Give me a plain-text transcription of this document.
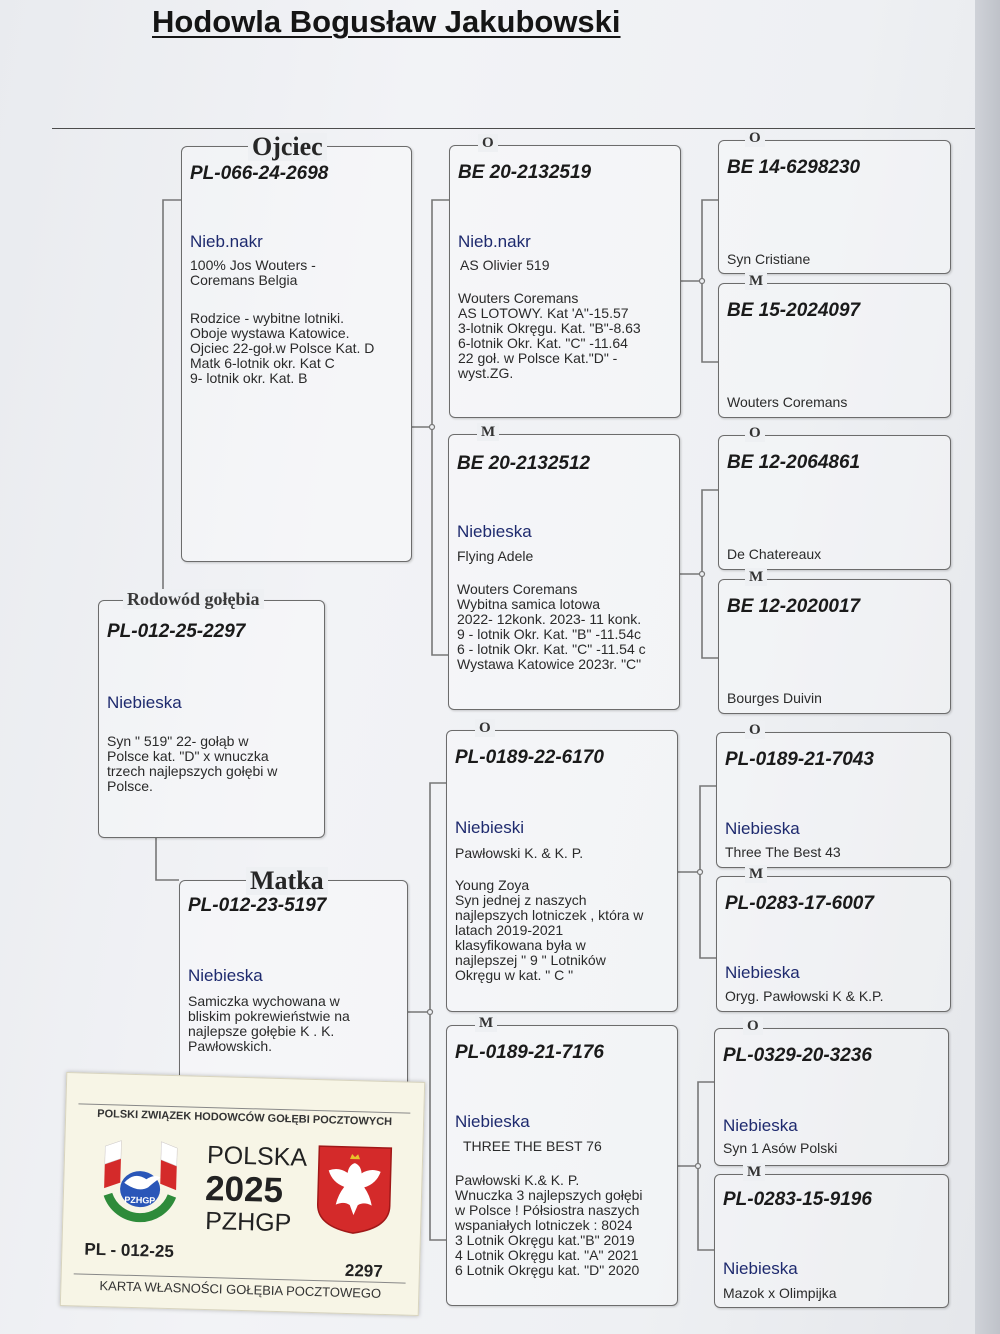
Hodowla Bogusław Jakubowski
Rodowód gołębia
PL-012-25-2297
Niebieska
Syn " 519" 22- gołąb w
Polsce kat. "D" x wnuczka
trzech najlepszych gołębi w
Polsce.
Ojciec
PL-066-24-2698
Nieb.nakr
100% Jos Wouters -
Coremans Belgia
Rodzice - wybitne lotniki.
Oboje wystawa Katowice.
Ojciec 22-goł.w Polsce Kat. D
Matk 6-lotnik okr. Kat C
9- lotnik okr. Kat. B
Matka
PL-012-23-5197
Niebieska
Samiczka wychowana w
bliskim pokrewieństwie na
najlepsze gołębie K . K.
Pawłowskich.
O
BE 20-2132519
Nieb.nakr
AS Olivier 519
Wouters Coremans
AS LOTOWY. Kat 'A"-15.57
3-lotnik Okręgu. Kat. "B"-8.63
6-lotnik Okr. Kat. "C" -11.64
22 goł. w Polsce Kat."D" -
wyst.ZG.
M
BE 20-2132512
Niebieska
Flying Adele
Wouters Coremans
Wybitna samica lotowa
2022- 12konk. 2023- 11 konk.
9 - lotnik Okr. Kat. "B" -11.54c
6 - lotnik Okr. Kat. "C" -11.54 c
Wystawa Katowice 2023r. "C"
O
PL-0189-22-6170
Niebieski
Pawłowski K. & K. P.
Young Zoya
Syn jednej z naszych
najlepszych lotniczek , która w
latach 2019-2021
klasyfikowana była w
najlepszej " 9 " Lotników
Okręgu w kat. " C "
M
PL-0189-21-7176
Niebieska
THREE THE BEST 76
Pawłowski K.& K. P.
Wnuczka 3 najlepszych gołębi
w Polsce ! Półsiostra naszych
wspaniałych lotniczek : 8024
3 Lotnik Okręgu kat."B" 2019
4 Lotnik Okręgu kat. "A" 2021
6 Lotnik Okręgu kat. "D" 2020
O
BE 14-6298230
Syn Cristiane
M
BE 15-2024097
Wouters Coremans
O
BE 12-2064861
De Chatereaux
M
BE 12-2020017
Bourges Duivin
O
PL-0189-21-7043
Niebieska
Three The Best 43
M
PL-0283-17-6007
Niebieska
Oryg. Pawłowski K & K.P.
O
PL-0329-20-3236
Niebieska
Syn 1 Asów Polski
M
PL-0283-15-9196
Niebieska
Mazok x Olimpijka
POLSKI ZWIĄZEK HODOWCÓW GOŁĘBI POCZTOWYCH
PZHGP
POLSKA
2025
PZHGP
PL - 012-25
2297
KARTA WŁASNOŚCI GOŁĘBIA POCZTOWEGO
